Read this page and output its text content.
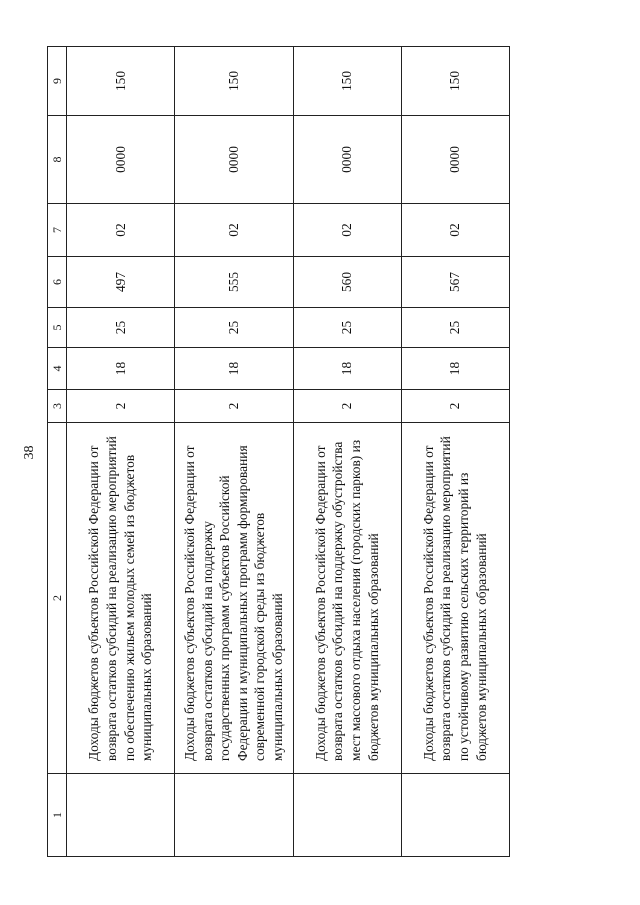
38
1	2	3	4	5	6	7	8	9
	Доходы бюджетов субъектов Российской Федерации от возврата остатков субсидий на реализацию мероприятий по обеспечению жильем молодых семей из бюджетов муниципальных образований	2	18	25	497	02	0000	150
	Доходы бюджетов субъектов Российской Федерации от возврата остатков субсидий на поддержку государственных программ субъектов Российской Федерации и муниципальных программ формирования современной городской среды из бюджетов муниципальных образований	2	18	25	555	02	0000	150
	Доходы бюджетов субъектов Российской Федерации от возврата остатков субсидий на поддержку обустройства мест массового отдыха населения (городских парков) из бюджетов муниципальных образований	2	18	25	560	02	0000	150
	Доходы бюджетов субъектов Российской Федерации от возврата остатков субсидий на реализацию мероприятий по устойчивому развитию сельских территорий из бюджетов муниципальных образований	2	18	25	567	02	0000	150
